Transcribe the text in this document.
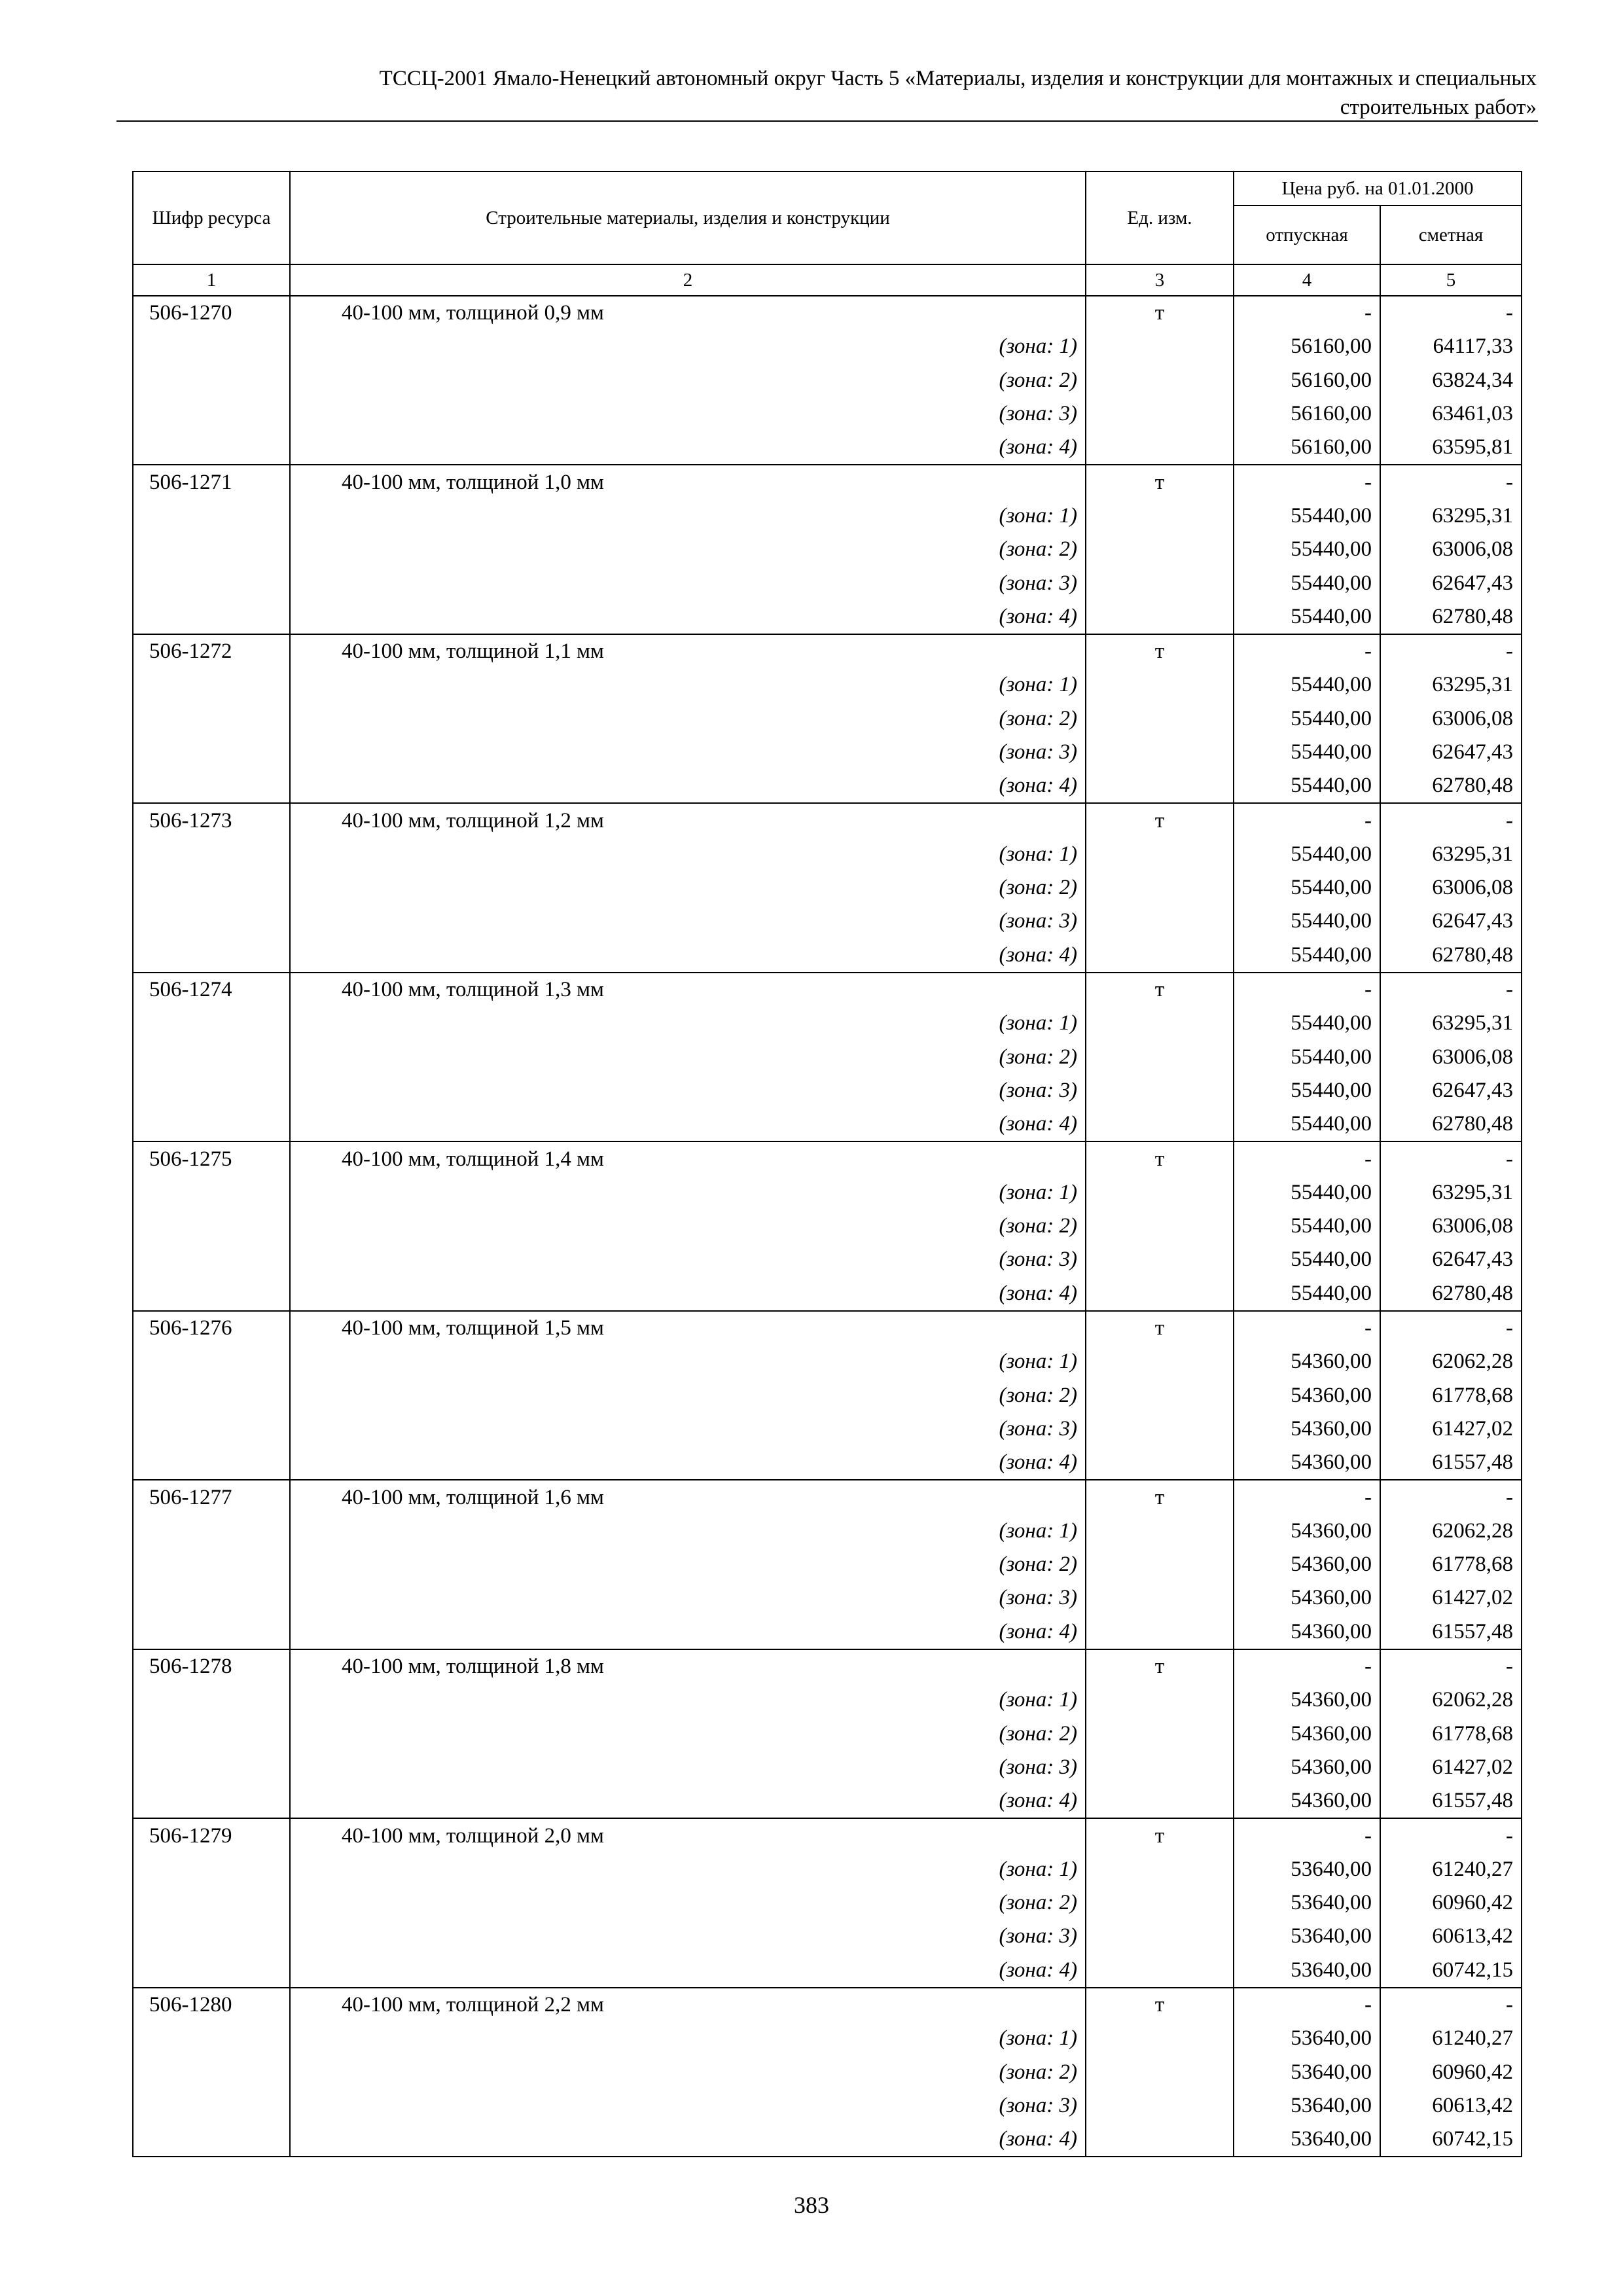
ТССЦ-2001 Ямало-Ненецкий автономный округ Часть 5 «Материалы, изделия и конструкции для монтажных и специальных
строительных работ»
Шифр ресурса	Строительные материалы, изделия и конструкции	Ед. изм.	Цена руб. на 01.01.2000	
			отпускная	сметная
1	2	3	4	5
506-1270	40-100 мм, толщиной 0,9 мм	т	-	-
	(зона: 1)		56160,00	64117,33
	(зона: 2)		56160,00	63824,34
	(зона: 3)		56160,00	63461,03
	(зона: 4)		56160,00	63595,81
506-1271	40-100 мм, толщиной 1,0 мм	т	-	-
	(зона: 1)		55440,00	63295,31
	(зона: 2)		55440,00	63006,08
	(зона: 3)		55440,00	62647,43
	(зона: 4)		55440,00	62780,48
506-1272	40-100 мм, толщиной 1,1 мм	т	-	-
	(зона: 1)		55440,00	63295,31
	(зона: 2)		55440,00	63006,08
	(зона: 3)		55440,00	62647,43
	(зона: 4)		55440,00	62780,48
506-1273	40-100 мм, толщиной 1,2 мм	т	-	-
	(зона: 1)		55440,00	63295,31
	(зона: 2)		55440,00	63006,08
	(зона: 3)		55440,00	62647,43
	(зона: 4)		55440,00	62780,48
506-1274	40-100 мм, толщиной 1,3 мм	т	-	-
	(зона: 1)		55440,00	63295,31
	(зона: 2)		55440,00	63006,08
	(зона: 3)		55440,00	62647,43
	(зона: 4)		55440,00	62780,48
506-1275	40-100 мм, толщиной 1,4 мм	т	-	-
	(зона: 1)		55440,00	63295,31
	(зона: 2)		55440,00	63006,08
	(зона: 3)		55440,00	62647,43
	(зона: 4)		55440,00	62780,48
506-1276	40-100 мм, толщиной 1,5 мм	т	-	-
	(зона: 1)		54360,00	62062,28
	(зона: 2)		54360,00	61778,68
	(зона: 3)		54360,00	61427,02
	(зона: 4)		54360,00	61557,48
506-1277	40-100 мм, толщиной 1,6 мм	т	-	-
	(зона: 1)		54360,00	62062,28
	(зона: 2)		54360,00	61778,68
	(зона: 3)		54360,00	61427,02
	(зона: 4)		54360,00	61557,48
506-1278	40-100 мм, толщиной 1,8 мм	т	-	-
	(зона: 1)		54360,00	62062,28
	(зона: 2)		54360,00	61778,68
	(зона: 3)		54360,00	61427,02
	(зона: 4)		54360,00	61557,48
506-1279	40-100 мм, толщиной 2,0 мм	т	-	-
	(зона: 1)		53640,00	61240,27
	(зона: 2)		53640,00	60960,42
	(зона: 3)		53640,00	60613,42
	(зона: 4)		53640,00	60742,15
506-1280	40-100 мм, толщиной 2,2 мм	т	-	-
	(зона: 1)		53640,00	61240,27
	(зона: 2)		53640,00	60960,42
	(зона: 3)		53640,00	60613,42
	(зона: 4)		53640,00	60742,15
383
